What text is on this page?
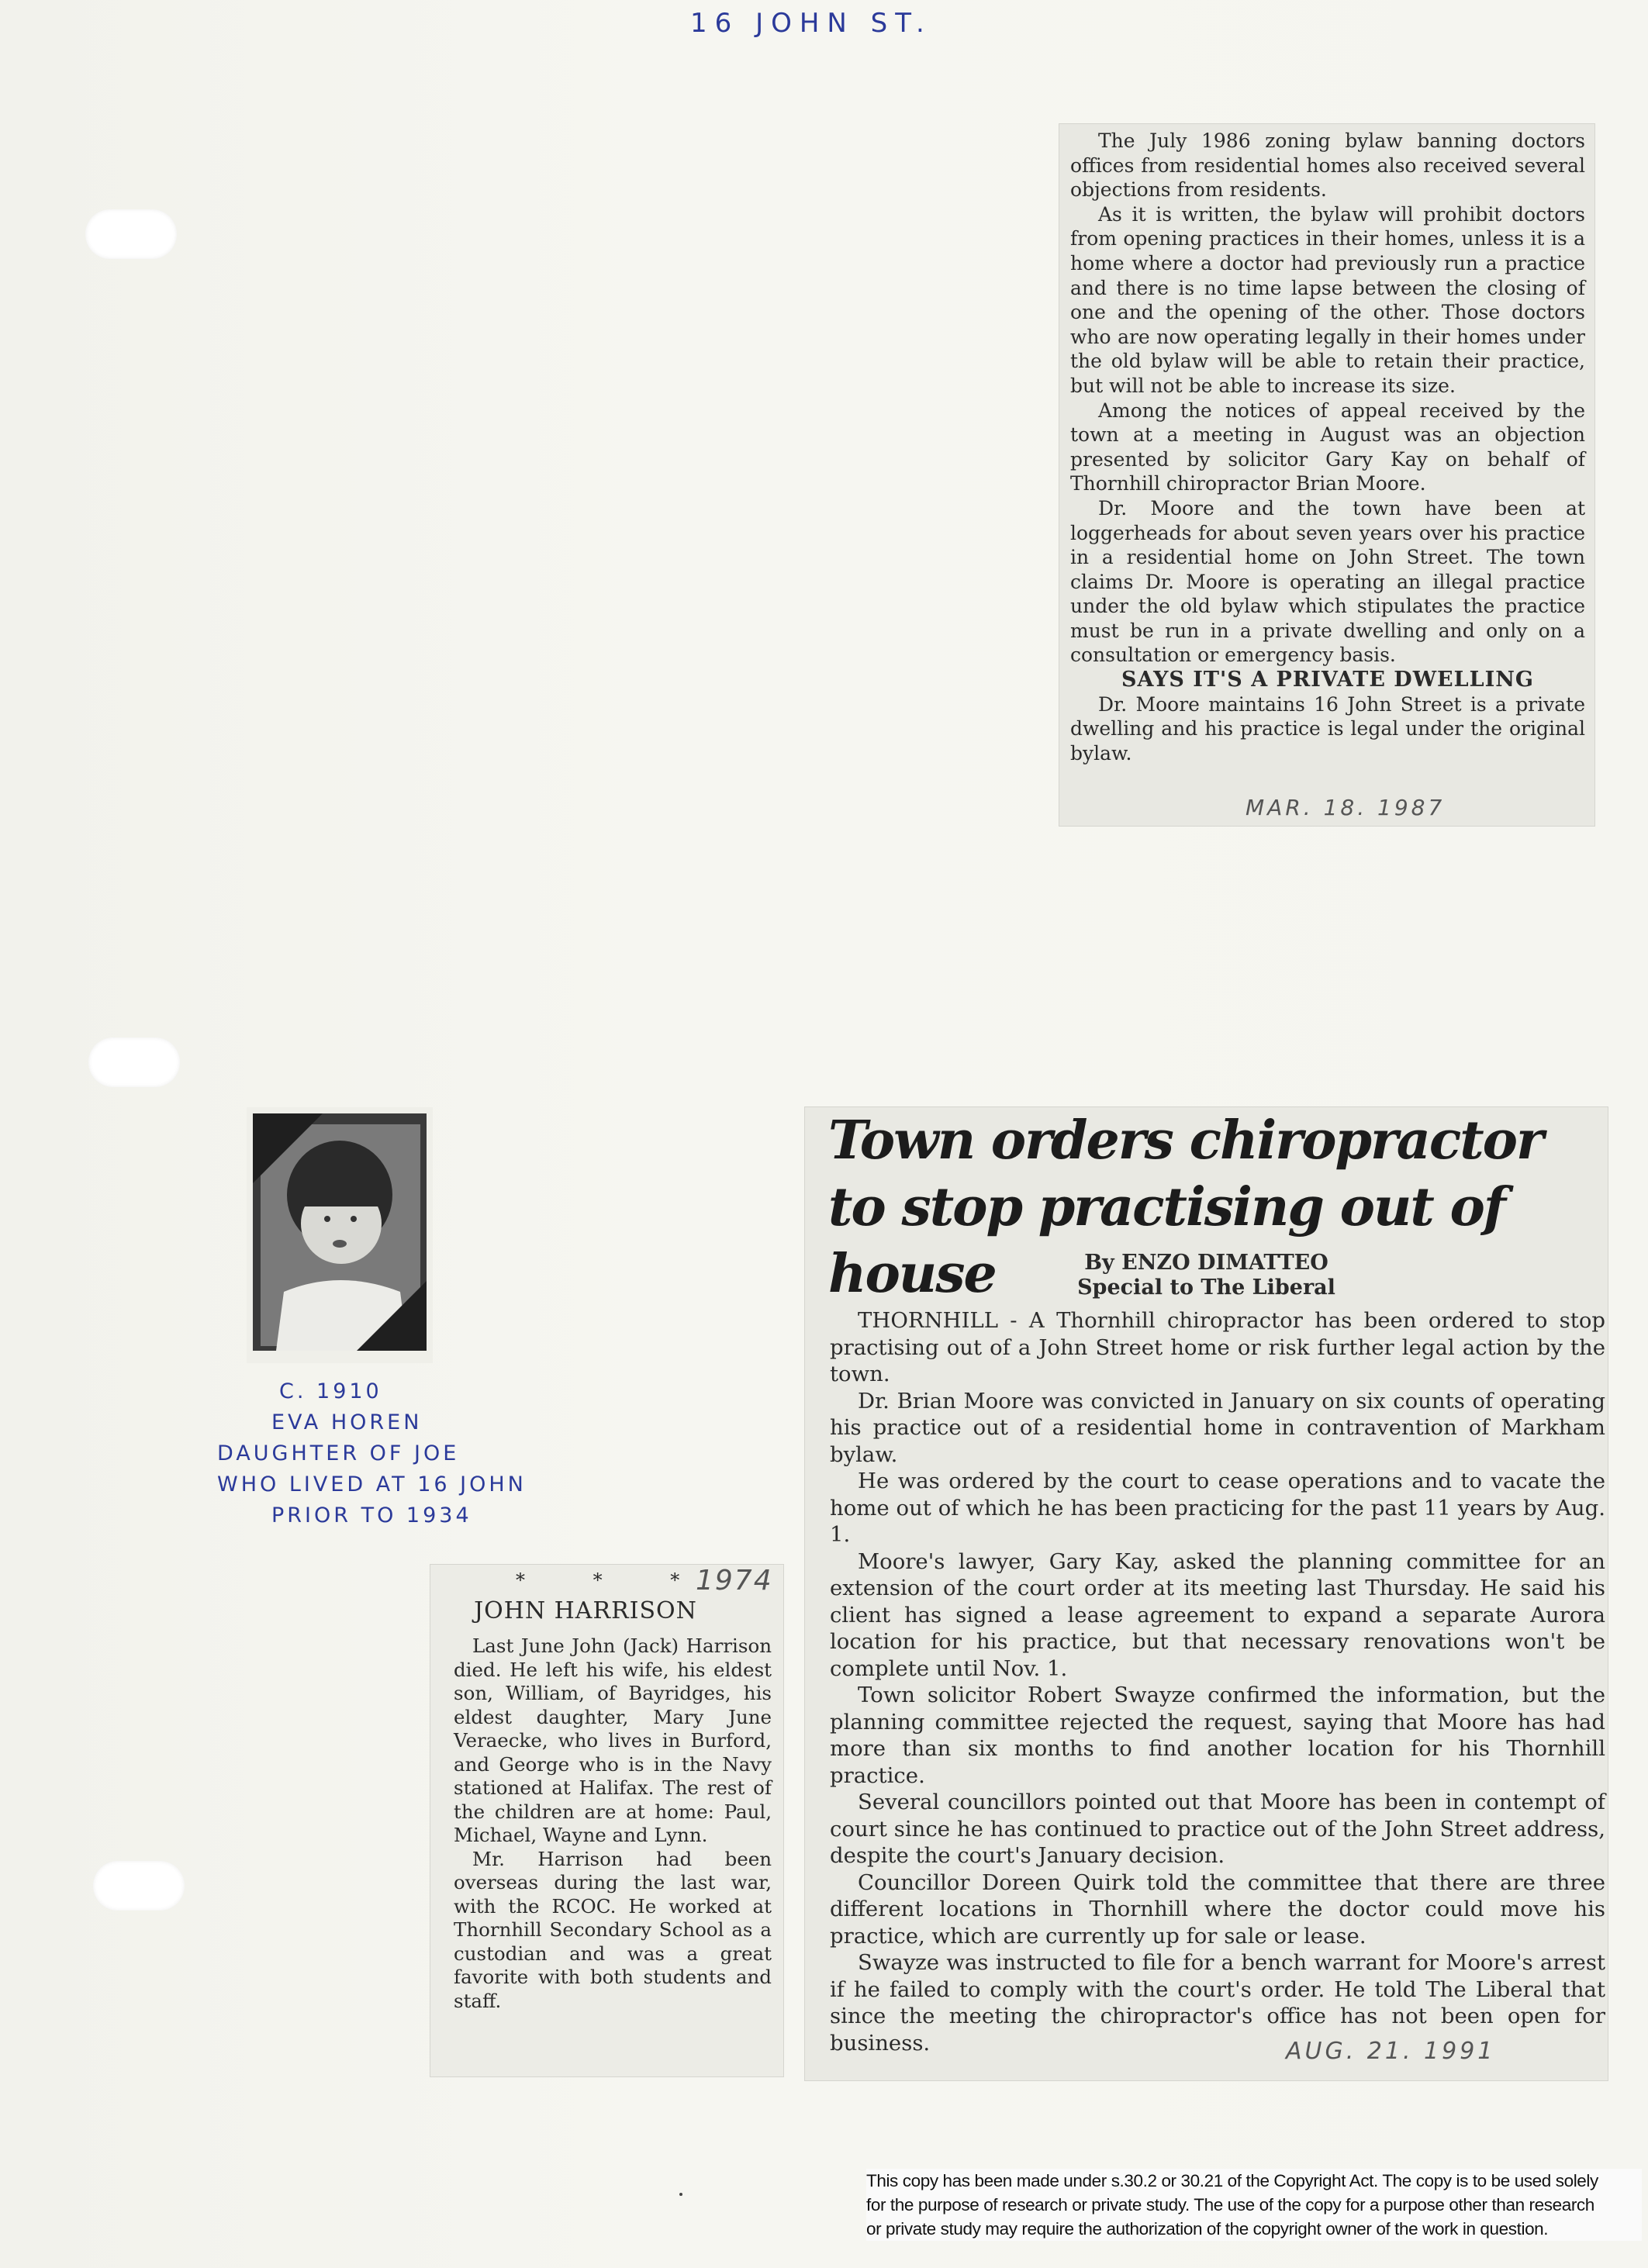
16 JOHN ST.

The July 1986 zoning bylaw banning doctors offices from residential homes also received several objections from residents.

As it is written, the bylaw will prohibit doctors from opening practices in their homes, unless it is a home where a doctor had previously run a practice and there is no time lapse between the closing of one and the opening of the other. Those doctors who are now operating legally in their homes under the old bylaw will be able to retain their practice, but will not be able to increase its size.

Among the notices of appeal received by the town at a meeting in August was an objection presented by solicitor Gary Kay on behalf of Thornhill chiropractor Brian Moore.

Dr. Moore and the town have been at loggerheads for about seven years over his practice in a residential home on John Street. The town claims Dr. Moore is operating an illegal practice under the old bylaw which stipulates the practice must be run in a private dwelling and only on a consultation or emergency basis.

SAYS IT'S A PRIVATE DWELLING

Dr. Moore maintains 16 John Street is a private dwelling and his practice is legal under the original bylaw.

MAR. 18. 1987
C. 1910
EVA HOREN
DAUGHTER OF JOE
WHO LIVED AT 16 JOHN
PRIOR TO 1934
* * *
1974
JOHN HARRISON

Last June John (Jack) Harrison died. He left his wife, his eldest son, William, of Bayridges, his eldest daughter, Mary June Veraecke, who lives in Burford, and George who is in the Navy stationed at Halifax. The rest of the children are at home: Paul, Michael, Wayne and Lynn.

Mr. Harrison had been overseas during the last war, with the RCOC. He worked at Thornhill Secondary School as a custodian and was a great favorite with both students and staff.

Town orders chiropractor to stop practising out of house	By ENZO DIMATTEO
Special to The Liberal

THORNHILL - A Thornhill chiropractor has been ordered to stop practising out of a John Street home or risk further legal action by the town.

Dr. Brian Moore was convicted in January on six counts of operating his practice out of a residential home in contravention of Markham bylaw.

He was ordered by the court to cease operations and to vacate the home out of which he has been practicing for the past 11 years by Aug. 1.

Moore's lawyer, Gary Kay, asked the planning committee for an extension of the court order at its meeting last Thursday. He said his client has signed a lease agreement to expand a separate Aurora location for his practice, but that necessary renovations won't be complete until Nov. 1.

Town solicitor Robert Swayze confirmed the information, but the planning committee rejected the request, saying that Moore has had more than six months to find another location for his Thornhill practice.

Several councillors pointed out that Moore has been in contempt of court since he has continued to practice out of the John Street address, despite the court's January decision.

Councillor Doreen Quirk told the committee that there are three different locations in Thornhill where the doctor could move his practice, which are currently up for sale or lease.

Swayze was instructed to file for a bench warrant for Moore's arrest if he failed to comply with the court's order. He told The Liberal that since the meeting the chiropractor's office has not been open for business.	AUG. 21. 1991
This copy has been made under s.30.2 or 30.21 of the Copyright Act. The copy is to be used solely
for the purpose of research or private study. The use of the copy for a purpose other than research
or private study may require the authorization of the copyright owner of the work in question.
